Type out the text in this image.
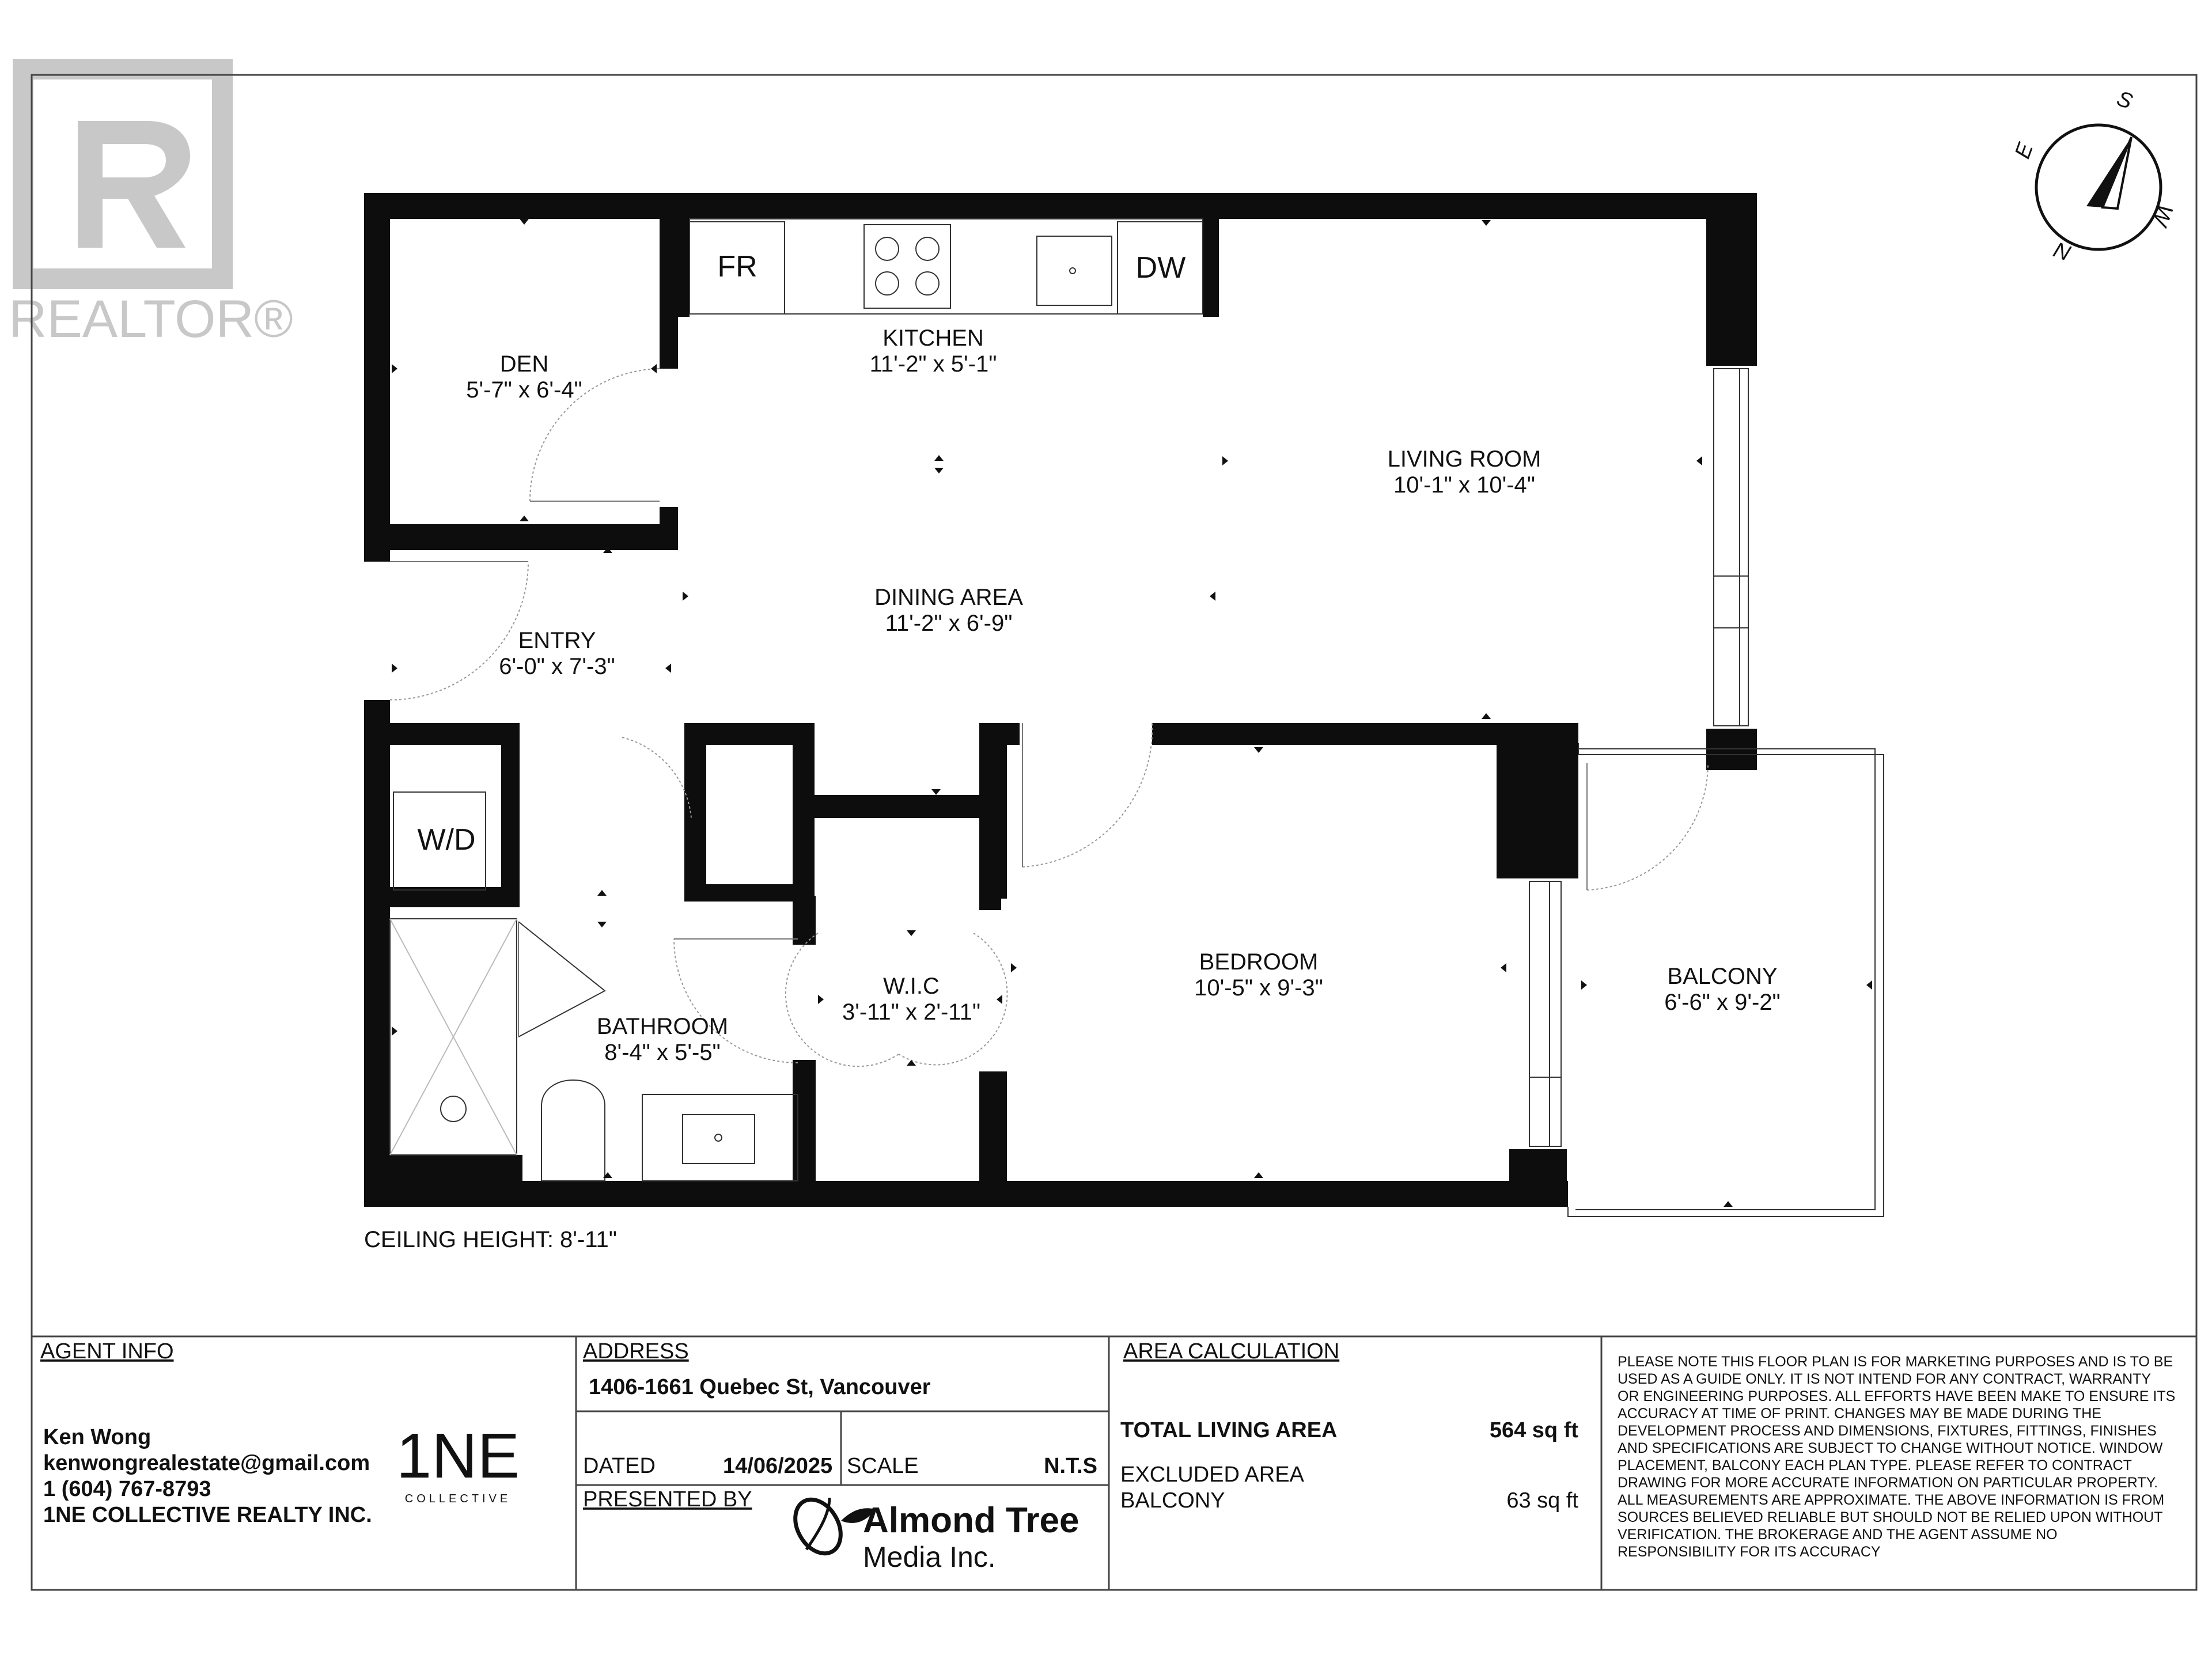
REALTOR®
S
E
W
N
DEN
5'-7" x 6'-4"
KITCHEN
11'-2" x 5'-1"
LIVING ROOM
10'-1" x 10'-4"
DINING AREA
11'-2" x 6'-9"
ENTRY
6'-0" x 7'-3"
BEDROOM
10'-5" x 9'-3"	BALCONY
6'-6" x 9'-2"
W.I.C
3'-11" x 2'-11"
BATHROOM
8'-4" x 5'-5"
FR	DW
W/D
CEILING HEIGHT: 8'-11"
AGENT INFO
Ken Wong
kenwongrealestate@gmail.com
1 (604) 767-8793
1NE COLLECTIVE REALTY INC.
1NE
COLLECTIVE
ADDRESS
1406-1661 Quebec St, Vancouver
DATED	14/06/2025 SCALE	N.T.S
PRESENTED BY
Almond Tree
Media Inc.
AREA CALCULATION
TOTAL LIVING AREA	564 sq ft
EXCLUDED AREA
BALCONY	63 sq ft
PLEASE NOTE THIS FLOOR PLAN IS FOR MARKETING PURPOSES AND IS TO BE
USED AS A GUIDE ONLY. IT IS NOT INTEND FOR ANY CONTRACT, WARRANTY
OR ENGINEERING PURPOSES. ALL EFFORTS HAVE BEEN MAKE TO ENSURE ITS
ACCURACY AT TIME OF PRINT. CHANGES MAY BE MADE DURING THE
DEVELOPMENT PROCESS AND DIMENSIONS, FIXTURES, FITTINGS, FINISHES
AND SPECIFICATIONS ARE SUBJECT TO CHANGE WITHOUT NOTICE. WINDOW
PLACEMENT, BALCONY EACH PLAN TYPE. PLEASE REFER TO CONTRACT
DRAWING FOR MORE ACCURATE INFORMATION ON PARTICULAR PROPERTY.
ALL MEASUREMENTS ARE APPROXIMATE. THE ABOVE INFORMATION IS FROM
SOURCES BELIEVED RELIABLE BUT SHOULD NOT BE RELIED UPON WITHOUT
VERIFICATION. THE BROKERAGE AND THE AGENT ASSUME NO
RESPONSIBILITY FOR ITS ACCURACY
